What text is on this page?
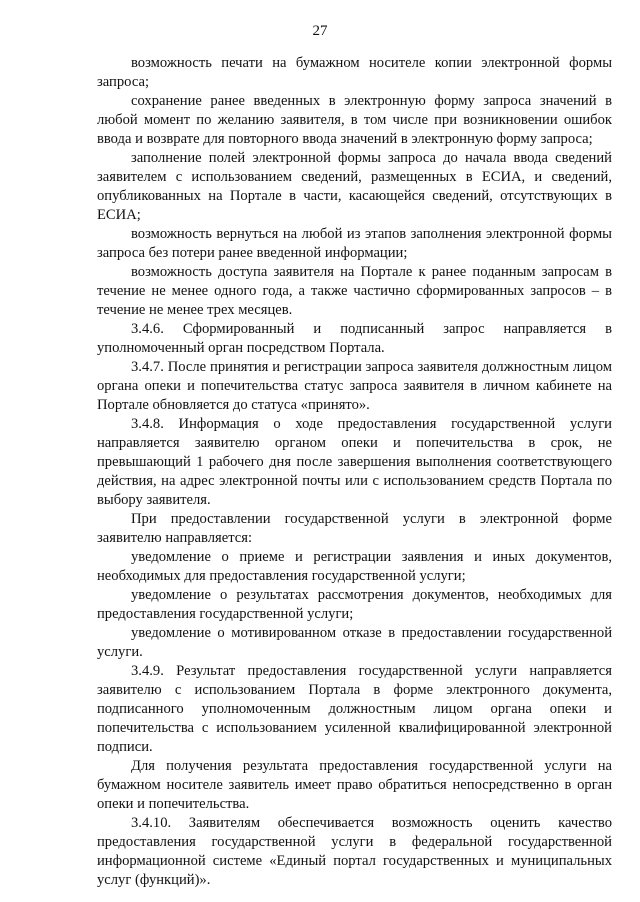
27

возможность печати на бумажном носителе копии электронной формы запроса;

сохранение ранее введенных в электронную форму запроса значений в любой момент по желанию заявителя, в том числе при возникновении ошибок ввода и возврате для повторного ввода значений в электронную форму запроса;

заполнение полей электронной формы запроса до начала ввода сведений заявителем с использованием сведений, размещенных в ЕСИА, и сведений, опубликованных на Портале в части, касающейся сведений, отсутствующих в ЕСИА;

возможность вернуться на любой из этапов заполнения электронной формы запроса без потери ранее введенной информации;

возможность доступа заявителя на Портале к ранее поданным запросам в течение не менее одного года, а также частично сформированных запросов – в течение не менее трех месяцев.

3.4.6. Сформированный и подписанный запрос направляется в уполномоченный орган посредством Портала.

3.4.7. После принятия и регистрации запроса заявителя должностным лицом органа опеки и попечительства статус запроса заявителя в личном кабинете на Портале обновляется до статуса «принято».

3.4.8. Информация о ходе предоставления государственной услуги направляется заявителю органом опеки и попечительства в срок, не превышающий 1 рабочего дня после завершения выполнения соответствующего действия, на адрес электронной почты или с использованием средств Портала по выбору заявителя.

При предоставлении государственной услуги в электронной форме заявителю направляется:

уведомление о приеме и регистрации заявления и иных документов, необходимых для предоставления государственной услуги;

уведомление о результатах рассмотрения документов, необходимых для предоставления государственной услуги;

уведомление о мотивированном отказе в предоставлении государственной услуги.

3.4.9. Результат предоставления государственной услуги направляется заявителю с использованием Портала в форме электронного документа, подписанного уполномоченным должностным лицом органа опеки и попечительства с использованием усиленной квалифицированной электронной подписи.

Для получения результата предоставления государственной услуги на бумажном носителе заявитель имеет право обратиться непосредственно в орган опеки и попечительства.

3.4.10. Заявителям обеспечивается возможность оценить качество предоставления государственной услуги в федеральной государственной информационной системе «Единый портал государственных и муниципальных услуг (функций)».
